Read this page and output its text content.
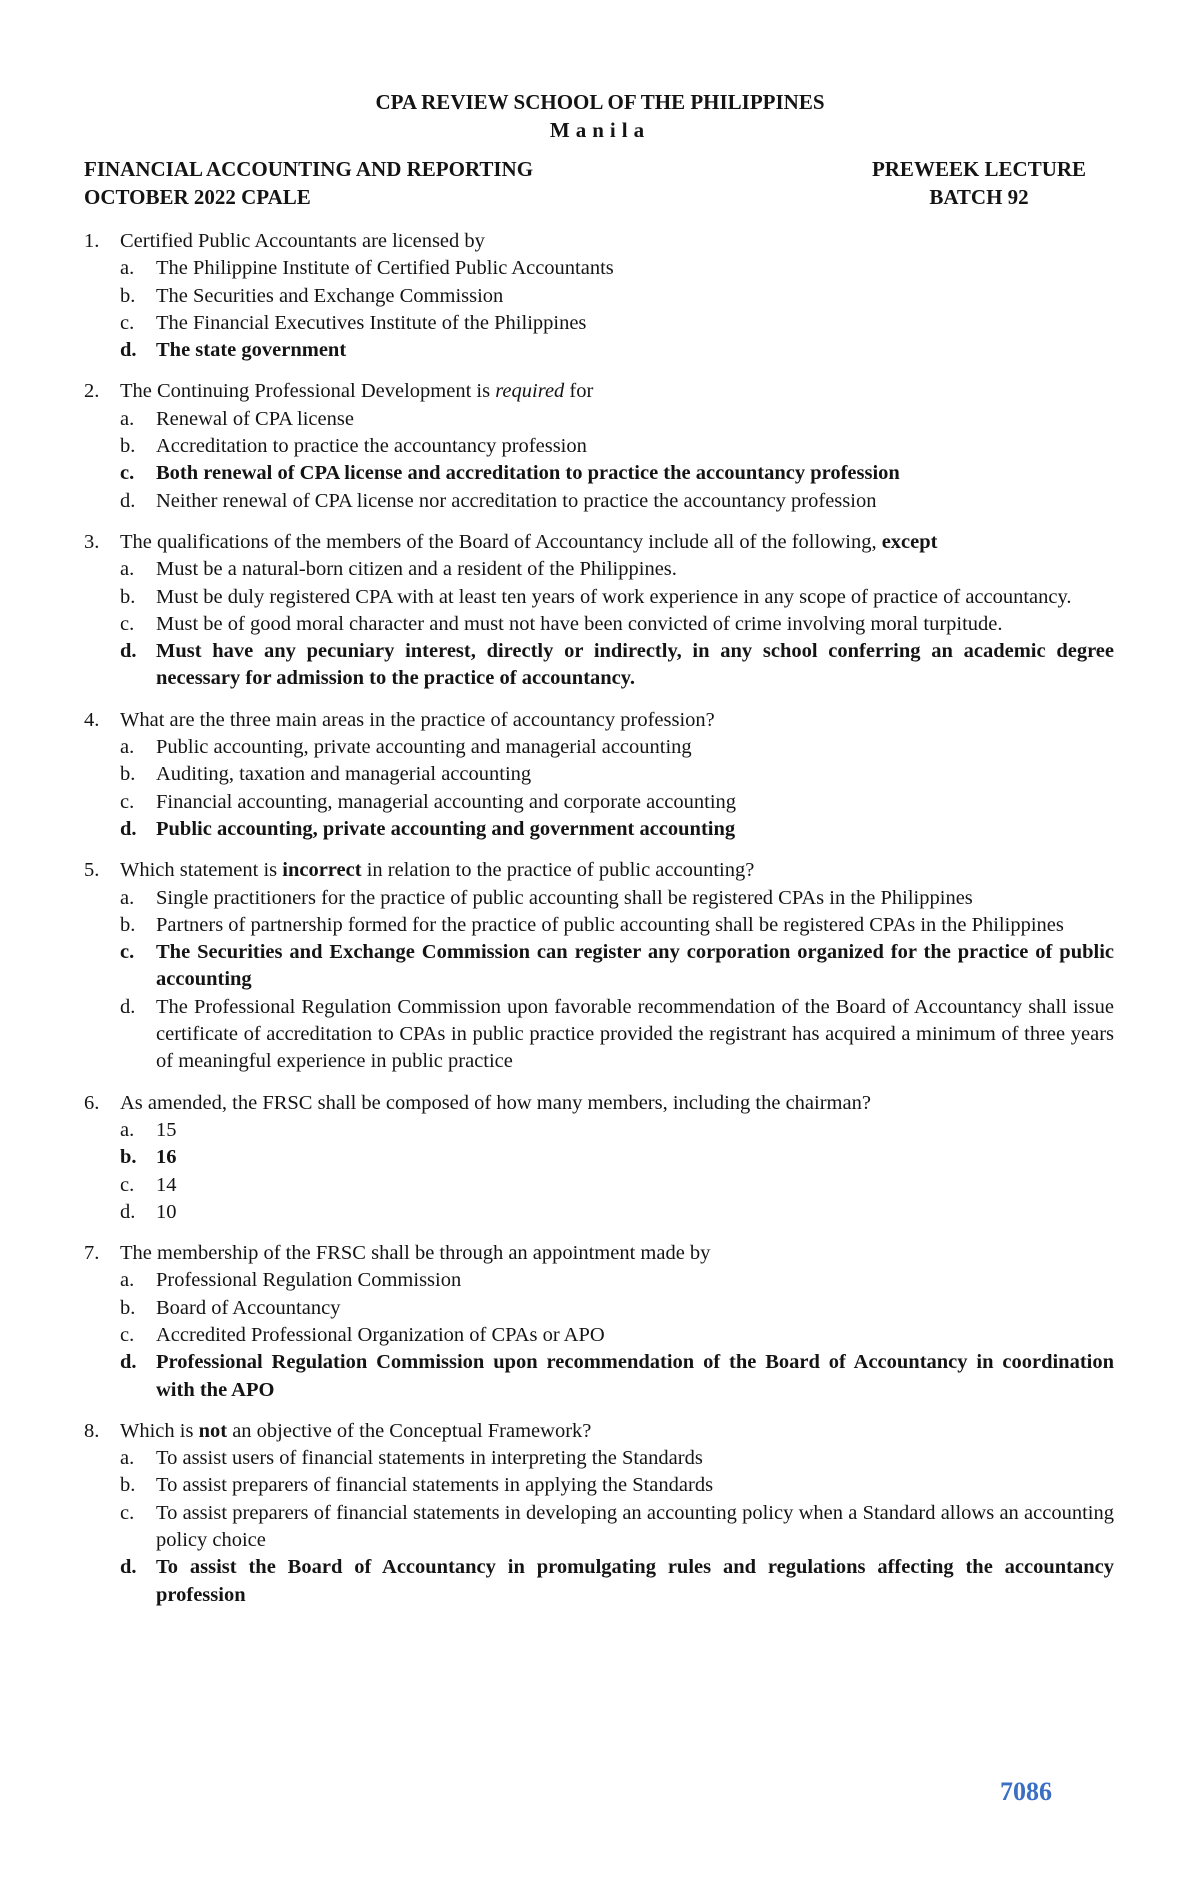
CPA REVIEW SCHOOL OF THE PHILIPPINES
Manila
FINANCIAL ACCOUNTING AND REPORTING
OCTOBER 2022 CPALE
PREWEEK LECTURE
BATCH 92
1.	Certified Public Accountants are licensed by
a.	The Philippine Institute of Certified Public Accountants
b.	The Securities and Exchange Commission
c.	The Financial Executives Institute of the Philippines
d. The state government
2.	The Continuing Professional Development is required for
a.	Renewal of CPA license
b.	Accreditation to practice the accountancy profession
c.	Both renewal of CPA license and accreditation to practice the accountancy profession
d.	Neither renewal of CPA license nor accreditation to practice the accountancy profession
3.	The qualifications of the members of the Board of Accountancy include all of the following, except
a.	Must be a natural-born citizen and a resident of the Philippines.
b.	Must be duly registered CPA with at least ten years of work experience in any scope of practice of accountancy.
c.	Must be of good moral character and must not have been convicted of crime involving moral turpitude.
d. Must have any pecuniary interest, directly or indirectly, in any school conferring an academic degree necessary for admission to the practice of accountancy.
4.	What are the three main areas in the practice of accountancy profession?
a.	Public accounting, private accounting and managerial accounting
b.	Auditing, taxation and managerial accounting
c.	Financial accounting, managerial accounting and corporate accounting
d. Public accounting, private accounting and government accounting
5.	Which statement is incorrect in relation to the practice of public accounting?
a.	Single practitioners for the practice of public accounting shall be registered CPAs in the Philippines
b.	Partners of partnership formed for the practice of public accounting shall be registered CPAs in the Philippines
c.	The Securities and Exchange Commission can register any corporation organized for the practice of public accounting
d.	The Professional Regulation Commission upon favorable recommendation of the Board of Accountancy shall issue certificate of accreditation to CPAs in public practice provided the registrant has acquired a minimum of three years of meaningful experience in public practice
6.	As amended, the FRSC shall be composed of how many members, including the chairman?
a.	15
b. 16
c.	14
d.	10
7.	The membership of the FRSC shall be through an appointment made by
a.	Professional Regulation Commission
b.	Board of Accountancy
c.	Accredited Professional Organization of CPAs or APO
d. Professional Regulation Commission upon recommendation of the Board of Accountancy in coordination with the APO
8.	Which is not an objective of the Conceptual Framework?
a.	To assist users of financial statements in interpreting the Standards
b.	To assist preparers of financial statements in applying the Standards
c.	To assist preparers of financial statements in developing an accounting policy when a Standard allows an accounting policy choice
d. To assist the Board of Accountancy in promulgating rules and regulations affecting the accountancy profession
7086
